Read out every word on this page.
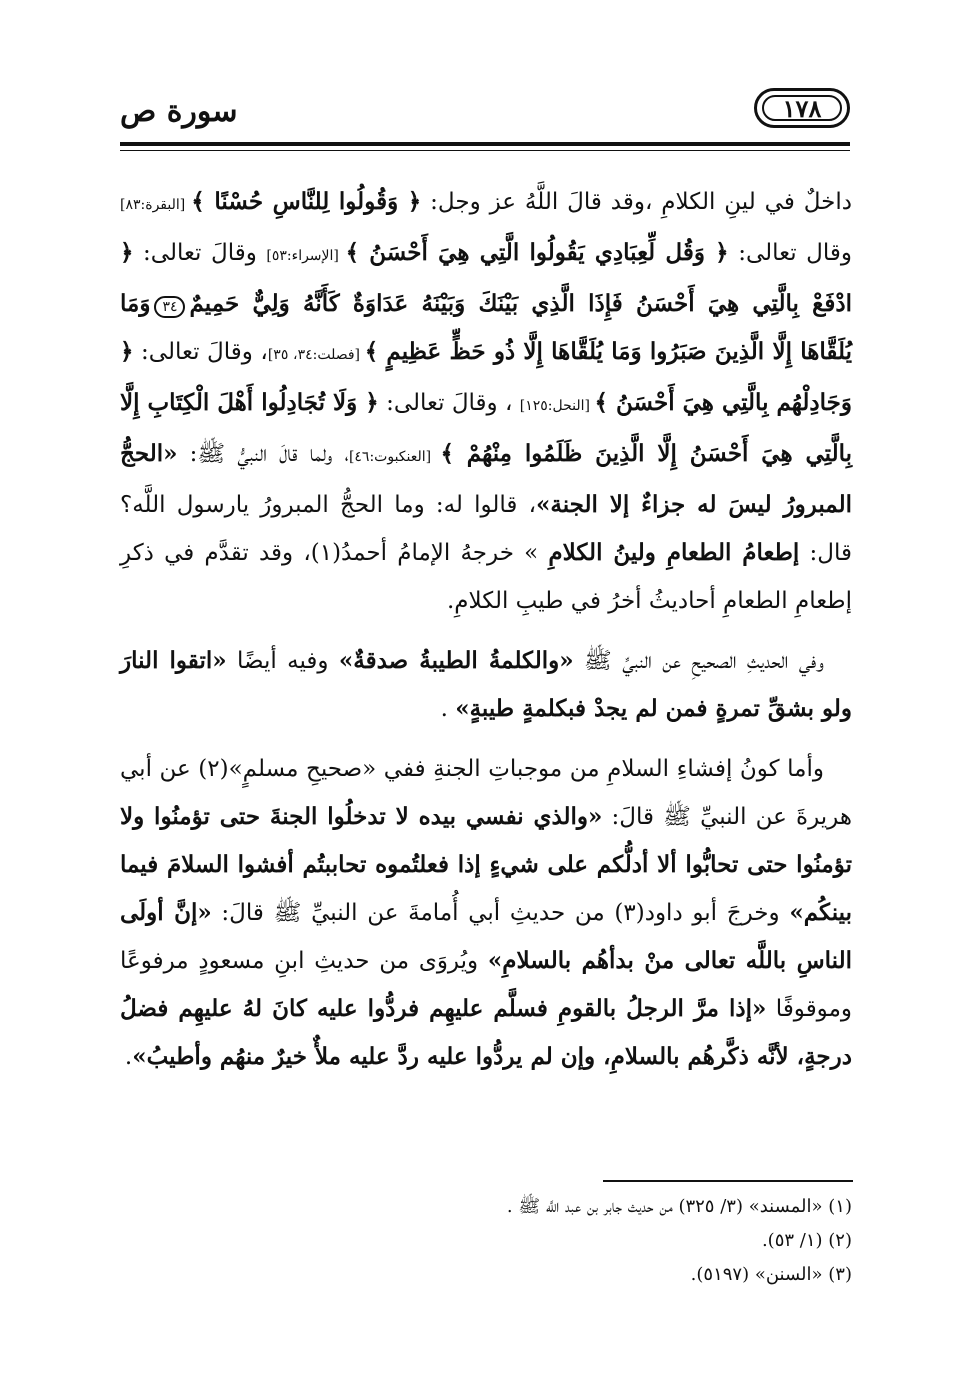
سورة ص	١٧٨

داخلٌ في لينِ الكلامِ ،وقد قالَ اللَّهُ عز وجل: ﴿ وَقُولُوا لِلنَّاسِ حُسْنًا ﴾ [البقرة:٨٣] وقال تعالى: ﴿ وَقُل لِّعِبَادِي يَقُولُوا الَّتِي هِيَ أَحْسَنُ ﴾ [الإسراء:٥٣] وقالَ تعالى: ﴿ ادْفَعْ بِالَّتِي هِيَ أَحْسَنُ فَإِذَا الَّذِي بَيْنَكَ وَبَيْنَهُ عَدَاوَةٌ كَأَنَّهُ وَلِيٌّ حَمِيمٌ٣٤وَمَا يُلَقَّاهَا إِلَّا الَّذِينَ صَبَرُوا وَمَا يُلَقَّاهَا إِلَّا ذُو حَظٍّ عَظِيمٍ ﴾ [فصلت:٣٤، ٣٥]، وقالَ تعالى: ﴿ وَجَادِلْهُم بِالَّتِي هِيَ أَحْسَنُ ﴾ [النحل:١٢٥] ، وقالَ تعالى: ﴿ وَلَا تُجَادِلُوا أَهْلَ الْكِتَابِ إِلَّا بِالَّتِي هِيَ أَحْسَنُ إِلَّا الَّذِينَ ظَلَمُوا مِنْهُمْ ﴾ [العنكبوت:٤٦]، ولما قالَ النبيُّ ﷺ: «الحجُّ المبرورُ ليسَ له جزاءٌ إلا الجنة»، قالوا له: وما الحجُّ المبرورُ يارسول اللَّه؟ قال: إطعامُ الطعامِ ولينُ الكلامِ » خرجهُ الإمامُ أحمدُ(١)، وقد تقدَّم في ذكرِ إطعامِ الطعامِ أحاديثُ أخرُ في طيبِ الكلامِ.

وفي الحديثِ الصحيحِ عن النبيِّ ﷺ «والكلمةُ الطيبةُ صدقةٌ» وفيه أيضًا «اتقوا النارَ ولو بشقِّ تمرةٍ فمن لم يجدْ فبكلمةٍ طيبةٍ» .

وأما كونُ إفشاءِ السلامِ من موجباتِ الجنةِ ففي «صحيحِ مسلمٍ»(٢) عن أبي هريرةَ عن النبيِّ ﷺ قالَ: «والذي نفسي بيده لا تدخلُوا الجنةَ حتى تؤمنُوا ولا تؤمنُوا حتى تحابُّوا ألا أدلُّكم على شيءٍ إذا فعلتُموه تحاببتُم أفشوا السلامَ فيما بينكُم» وخرجَ أبو داود(٣) من حديثِ أبي أُمامةَ عن النبيِّ ﷺ قالَ: «إنَّ أولَى الناسِ باللَّه تعالى منْ بدأهُم بالسلامِ» ويُروَى من حديثِ ابنِ مسعودٍ مرفوعًا وموقوفًا «إذا مرَّ الرجلُ بالقومِ فسلَّم عليهِم فردُّوا عليه كانَ لهُ عليهِم فضلُ درجةٍ، لأنَّه ذكَّرهُم بالسلامِ، وإن لم يردُّوا عليه ردَّ عليه ملأٌ خيرٌ منهُم وأطيبُ».

(١) «المسند» (٣/ ٣٢٥) من حديث جابر بن عبد اللَّه ﷺ .
(٢) (١/ ٥٣).
(٣) «السنن» (٥١٩٧).
